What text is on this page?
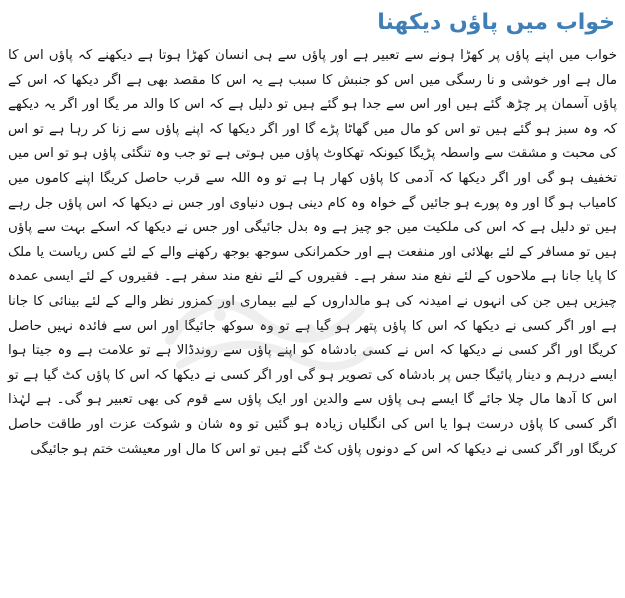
خواب میں پاؤں دیکھنا

خواب میں اپنے پاؤں پر کھڑا ہونے سے تعبیر ہے اور پاؤں سے ہی انسان کھڑا ہوتا ہے دیکھنے کہ پاؤں اس کا مال ہے اور خوشی و نا رسگی میں اس کو جنبش کا سبب ہے یہ اس کا مقصد بھی ہے اگر دیکھا کہ اس کے پاؤں آسمان پر چڑھ گئے ہیں اور اس سے جدا ہو گئے ہیں تو دلیل ہے کہ اس کا والد مر یگا اور اگر یہ دیکھے کہ وہ سبز ہو گئے ہیں تو اس کو مال میں گھاٹا پڑے گا اور اگر دیکھا کہ اپنے پاؤں سے زنا کر رہا ہے تو اس کی محبت و مشقت سے واسطہ پڑیگا کیونکہ تھکاوٹ پاؤں میں ہوتی ہے تو جب وہ تنگئی پاؤں ہو تو اس میں تخفیف ہو گی اور اگر دیکھا کہ آدمی کا پاؤں کھار ہا ہے تو وہ اللہ سے قرب حاصل کریگا اپنے کاموں میں کامیاب ہو گا اور وہ پورے ہو جائیں گے خواہ وہ کام دینی ہوں دنیاوی اور جس نے دیکھا کہ اس پاؤں جل رہے ہیں تو دلیل ہے کہ اس کی ملکیت میں جو چیز ہے وہ بدل جائیگی اور جس نے دیکھا کہ اسکے بہت سے پاؤں ہیں تو مسافر کے لئے بھلائی اور منفعت ہے اور حکمرانکی سوجھ بوجھ رکھنے والے کے لئے کس ریاست یا ملک کا پایا جانا ہے ملاحوں کے لئے نفع مند سفر ہے۔ فقیروں کے لئے نفع مند سفر ہے۔ فقیروں کے لئے ایسی عمدہ چیزیں ہیں جن کی انہوں نے امیدنہ کی ہو مالداروں کے لیے بیماری اور کمزور نظر والے کے لئے بینائی کا جانا ہے اور اگر کسی نے دیکھا کہ اس کا پاؤں پتھر ہو گیا ہے تو وہ سوکھ جائیگا اور اس سے فائدہ نہیں حاصل کریگا اور اگر کسی نے دیکھا کہ اس نے کسی بادشاہ کو اپنے پاؤں سے روندڈالا ہے تو علامت ہے وہ جیتا ہوا ایسے درہم و دینار پائیگا جس پر بادشاہ کی تصویر ہو گی اور اگر کسی نے دیکھا کہ اس کا پاؤں کٹ گیا ہے تو اس کا آدھا مال چلا جائے گا ایسے ہی پاؤں سے والدین اور ایک پاؤں سے قوم کی بھی تعبیر ہو گی۔ ہے لہٰذا اگر کسی کا پاؤں درست ہوا یا اس کی انگلیاں زیادہ ہو گئیں تو وہ شان و شوکت عزت اور طاقت حاصل کریگا اور اگر کسی نے دیکھا کہ اس کے دونوں پاؤں کٹ گئے ہیں تو اس کا مال اور معیشت ختم ہو جائیگی
